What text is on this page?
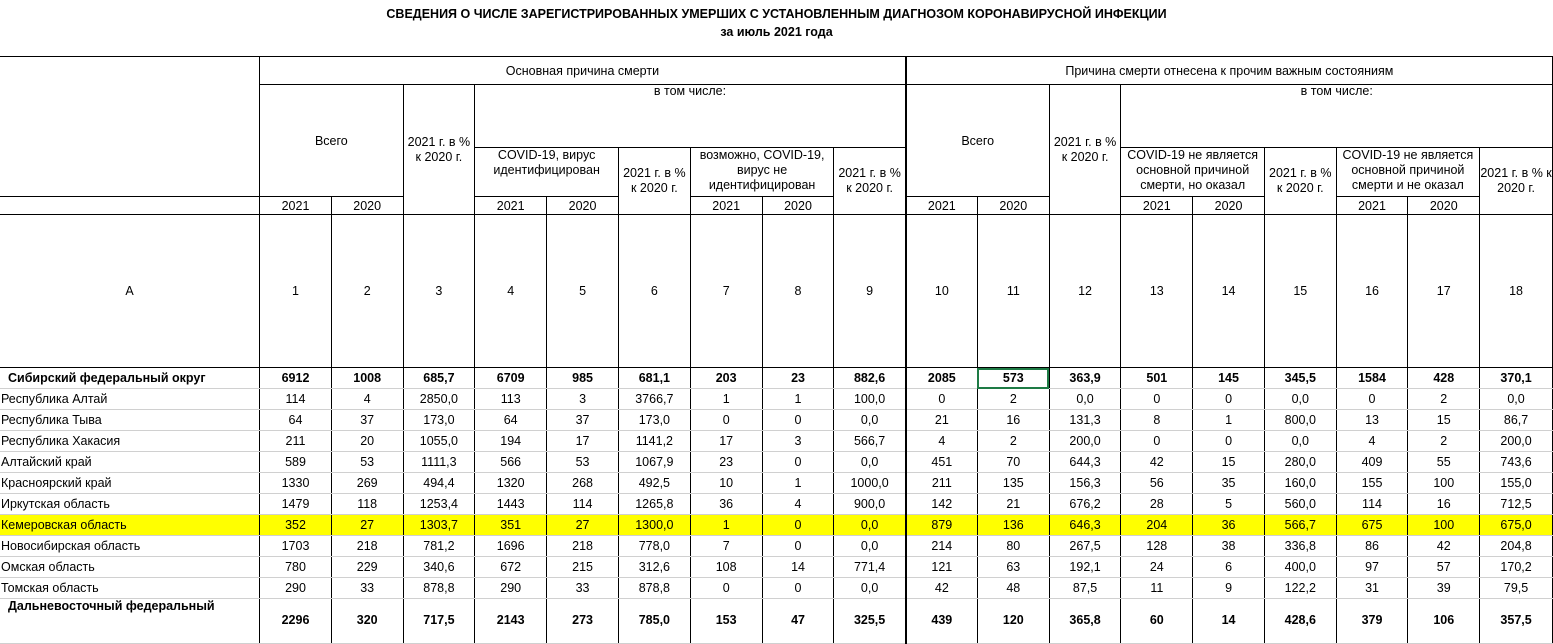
СВЕДЕНИЯ О ЧИСЛЕ ЗАРЕГИСТРИРОВАННЫХ УМЕРШИХ С УСТАНОВЛЕННЫМ ДИАГНОЗОМ КОРОНАВИРУСНОЙ ИНФЕКЦИИ
за июль 2021 года
	Основная причина смерти									Причина смерти отнесена к прочим важным состояниям								
	Всего		2021 г. в % к 2020 г.	в том числе:						Всего		2021 г. в % к 2020 г.	в том числе:					
				COVID-19, вирус идентифицирован		2021 г. в % к 2020 г.	возможно, COVID-19, вирус не идентифицирован		2021 г. в % к 2020 г.				COVID-19 не является основной причиной смерти, но оказал		2021 г. в % к 2020 г.	COVID-19 не является основной причиной смерти и не оказал		2021 г. в % к 2020 г.
	2021	2020		2021	2020		2021	2020		2021	2020		2021	2020		2021	2020	
A	1	2	3	4	5	6	7	8	9	10	11	12	13	14	15	16	17	18
Сибирский федеральный округ	6912	1008	685,7	6709	985	681,1	203	23	882,6	2085	573	363,9	501	145	345,5	1584	428	370,1
Республика Алтай	114	4	2850,0	113	3	3766,7	1	1	100,0	0	2	0,0	0	0	0,0	0	2	0,0
Республика Тыва	64	37	173,0	64	37	173,0	0	0	0,0	21	16	131,3	8	1	800,0	13	15	86,7
Республика Хакасия	211	20	1055,0	194	17	1141,2	17	3	566,7	4	2	200,0	0	0	0,0	4	2	200,0
Алтайский край	589	53	1111,3	566	53	1067,9	23	0	0,0	451	70	644,3	42	15	280,0	409	55	743,6
Красноярский край	1330	269	494,4	1320	268	492,5	10	1	1000,0	211	135	156,3	56	35	160,0	155	100	155,0
Иркутская область	1479	118	1253,4	1443	114	1265,8	36	4	900,0	142	21	676,2	28	5	560,0	114	16	712,5
Кемеровская область	352	27	1303,7	351	27	1300,0	1	0	0,0	879	136	646,3	204	36	566,7	675	100	675,0
Новосибирская область	1703	218	781,2	1696	218	778,0	7	0	0,0	214	80	267,5	128	38	336,8	86	42	204,8
Омская область	780	229	340,6	672	215	312,6	108	14	771,4	121	63	192,1	24	6	400,0	97	57	170,2
Томская область	290	33	878,8	290	33	878,8	0	0	0,0	42	48	87,5	11	9	122,2	31	39	79,5
Дальневосточный федеральный	2296	320	717,5	2143	273	785,0	153	47	325,5	439	120	365,8	60	14	428,6	379	106	357,5
